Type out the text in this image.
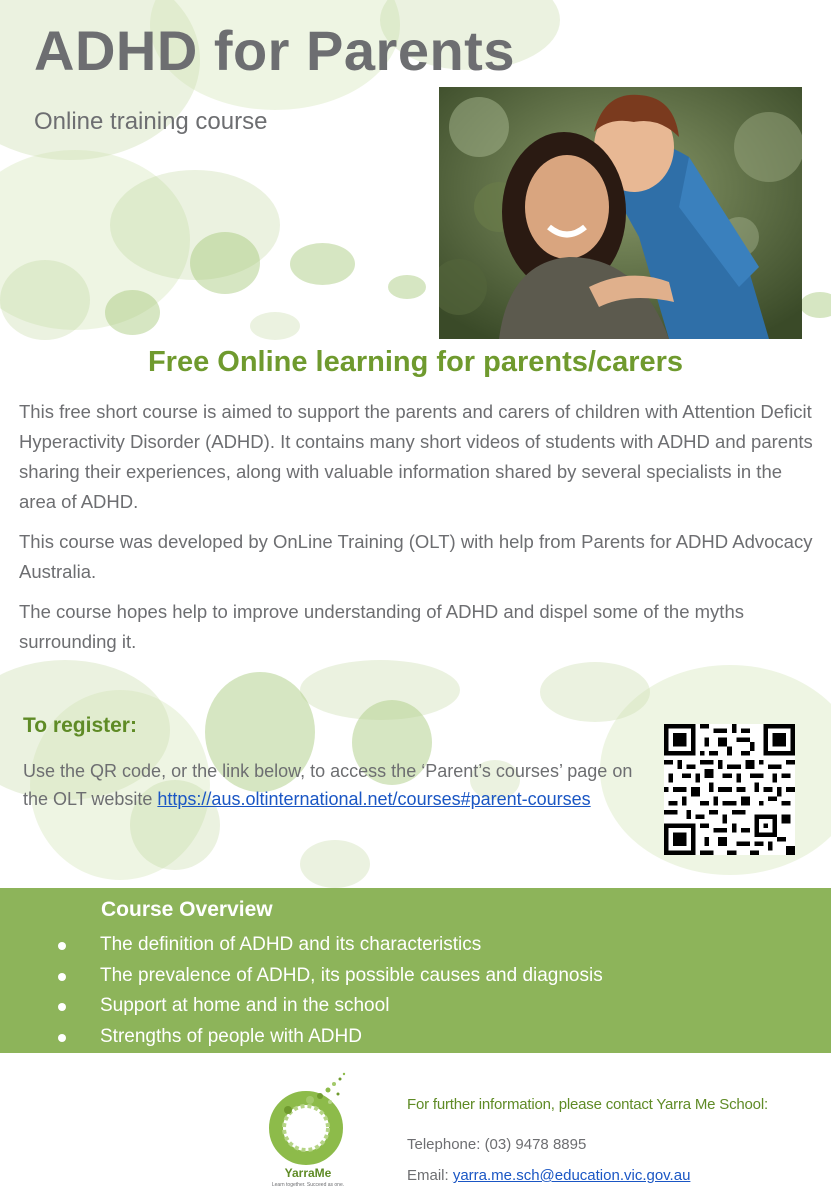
ADHD for Parents
Online training course
Free Online learning for parents/carers

This free short course is aimed to support the parents and carers of children with Attention Deficit Hyperactivity Disorder (ADHD). It contains many short videos of students with ADHD and parents sharing their experiences, along with valuable information shared by several specialists in the area of ADHD.

This course was developed by OnLine Training (OLT) with help from Parents for ADHD Advocacy Australia.

The course hopes help to improve understanding of ADHD and dispel some of the myths surrounding it.

To register:
Use the QR code, or the link below, to access the ‘Parent’s courses’ page on the OLT website https://aus.oltinternational.net/courses#parent-courses
Course Overview
The definition of ADHD and its characteristics
The prevalence of ADHD, its possible causes and diagnosis
Support at home and in the school
Strengths of people with ADHD
YarraMe
Learn together. Succeed as one.
For further information, please contact Yarra Me School:
Telephone: (03) 9478 8895
Email: yarra.me.sch@education.vic.gov.au
